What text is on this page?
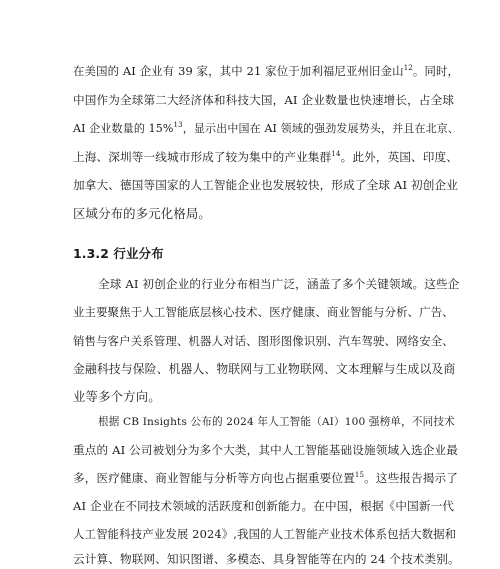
在美国的 AI 企业有 39 家，其中 21 家位于加利福尼亚州旧金山$^{12}$。同时，
中国作为全球第二大经济体和科技大国，AI 企业数量也快速增长，占全球
AI 企业数量的 15%$^{13}$，显示出中国在 AI 领域的强劲发展势头，并且在北京、
上海、深圳等一线城市形成了较为集中的产业集群$^{14}$。此外，英国、印度、
加拿大、德国等国家的人工智能企业也发展较快，形成了全球 AI 初创企业
区域分布的多元化格局。
1.3.2 行业分布
全球 AI 初创企业的行业分布相当广泛，涵盖了多个关键领域。这些企
业主要聚焦于人工智能底层核心技术、医疗健康、商业智能与分析、广告、
销售与客户关系管理、机器人对话、图形图像识别、汽车驾驶、网络安全、
金融科技与保险、机器人、物联网与工业物联网、文本理解与生成以及商
业等多个方向。
根据 CB Insights 公布的 2024 年人工智能（AI）100 强榜单，不同技术
重点的 AI 公司被划分为多个大类，其中人工智能基础设施领域入选企业最
多，医疗健康、商业智能与分析等方向也占据重要位置$^{15}$。这些报告揭示了
AI 企业在不同技术领域的活跃度和创新能力。在中国，根据《中国新一代
人工智能科技产业发展 2024》,我国的人工智能产业技术体系包括大数据和
云计算、物联网、知识图谱、多模态、具身智能等在内的 24 个技术类别。
